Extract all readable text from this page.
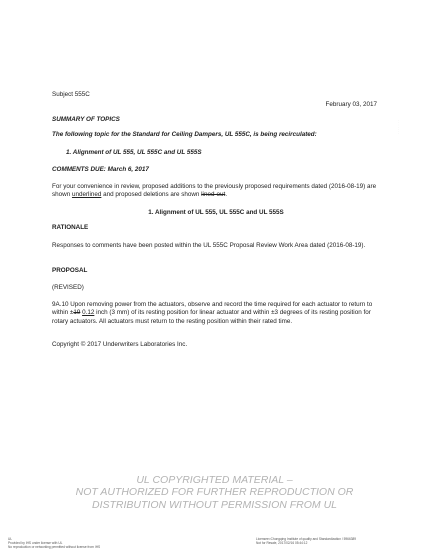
Subject 555C
February 03, 2017
SUMMARY OF TOPICS
The following topic for the Standard for Ceiling Dampers, UL 555C, is being recirculated:
1. Alignment of UL 555, UL 555C and UL 555S
COMMENTS DUE: March 6, 2017
For your convenience in review, proposed additions to the previously proposed requirements dated (2016-08-19) are shown underlined and proposed deletions are shown lined-out.
1. Alignment of UL 555, UL 555C and UL 555S
RATIONALE
Responses to comments have been posted within the UL 555C Proposal Review Work Area dated (2016-08-19).
PROPOSAL
(REVISED)
9A.10 Upon removing power from the actuators, observe and record the time required for each actuator to return to within ±19 0.12 inch (3 mm) of its resting position for linear actuator and within ±3 degrees of its resting position for rotary actuators. All actuators must return to the resting position within their rated time.
Copyright © 2017 Underwriters Laboratories Inc.
· · · · · · ·
UL COPYRIGHTED MATERIAL –
NOT AUTHORIZED FOR FURTHER REPRODUCTION OR
DISTRIBUTION WITHOUT PERMISSION FROM UL
UL
Provided by IHS under license with UL
No reproduction or networking permitted without license from IHS
Licensee=Chongqing Institute of quality and Standardization / 5966389
Not for Resale, 2017/02/16 05:44:12
